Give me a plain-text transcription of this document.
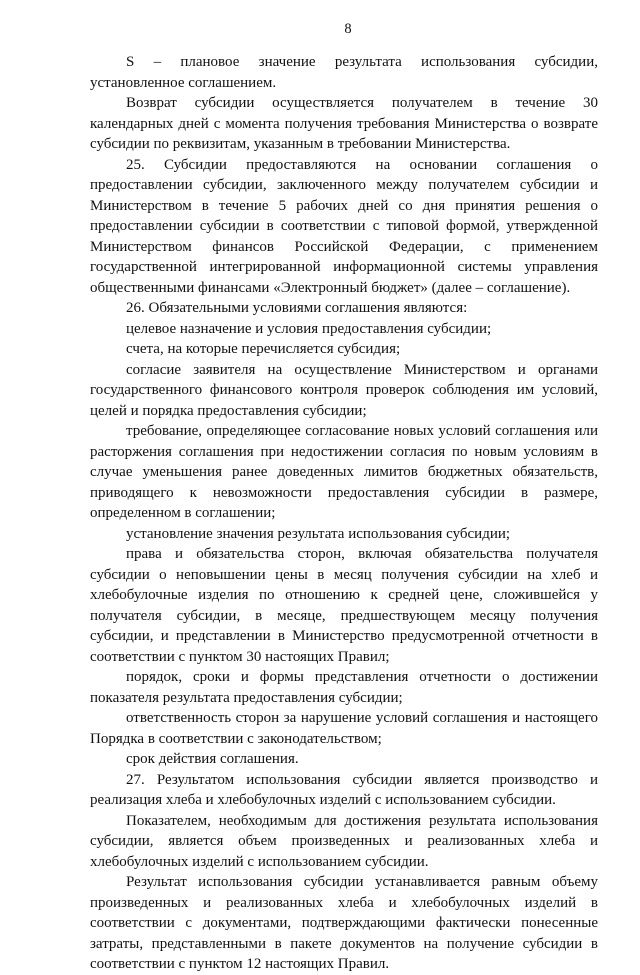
8

S – плановое значение результата использования субсидии, установленное соглашением.

Возврат субсидии осуществляется получателем в течение 30 календарных дней с момента получения требования Министерства о возврате субсидии по реквизитам, указанным в требовании Министерства.

25. Субсидии предоставляются на основании соглашения о предоставлении субсидии, заключенного между получателем субсидии и Министерством в течение 5 рабочих дней со дня принятия решения о предоставлении субсидии в соответствии с типовой формой, утвержденной Министерством финансов Российской Федерации, с применением государственной интегрированной информационной системы управления общественными финансами «Электронный бюджет» (далее – соглашение).

26. Обязательными условиями соглашения являются:

целевое назначение и условия предоставления субсидии;

счета, на которые перечисляется субсидия;

согласие заявителя на осуществление Министерством и органами государственного финансового контроля проверок соблюдения им условий, целей и порядка предоставления субсидии;

требование, определяющее согласование новых условий соглашения или расторжения соглашения при недостижении согласия по новым условиям в случае уменьшения ранее доведенных лимитов бюджетных обязательств, приводящего к невозможности предоставления субсидии в размере, определенном в соглашении;

установление значения результата использования субсидии;

права и обязательства сторон, включая обязательства получателя субсидии о неповышении цены в месяц получения субсидии на хлеб и хлебобулочные изделия по отношению к средней цене, сложившейся у получателя субсидии, в месяце, предшествующем месяцу получения субсидии, и представлении в Министерство предусмотренной отчетности в соответствии с пунктом 30 настоящих Правил;

порядок, сроки и формы представления отчетности о достижении показателя результата предоставления субсидии;

ответственность сторон за нарушение условий соглашения и настоящего Порядка в соответствии с законодательством;

срок действия соглашения.

27. Результатом использования субсидии является производство и реализация хлеба и хлебобулочных изделий с использованием субсидии.

Показателем, необходимым для достижения результата использования субсидии, является объем произведенных и реализованных хлеба и хлебобулочных изделий с использованием субсидии.

Результат использования субсидии устанавливается равным объему произведенных и реализованных хлеба и хлебобулочных изделий в соответствии с документами, подтверждающими фактически понесенные затраты, представленными в пакете документов на получение субсидии в соответствии с пунктом 12 настоящих Правил.
